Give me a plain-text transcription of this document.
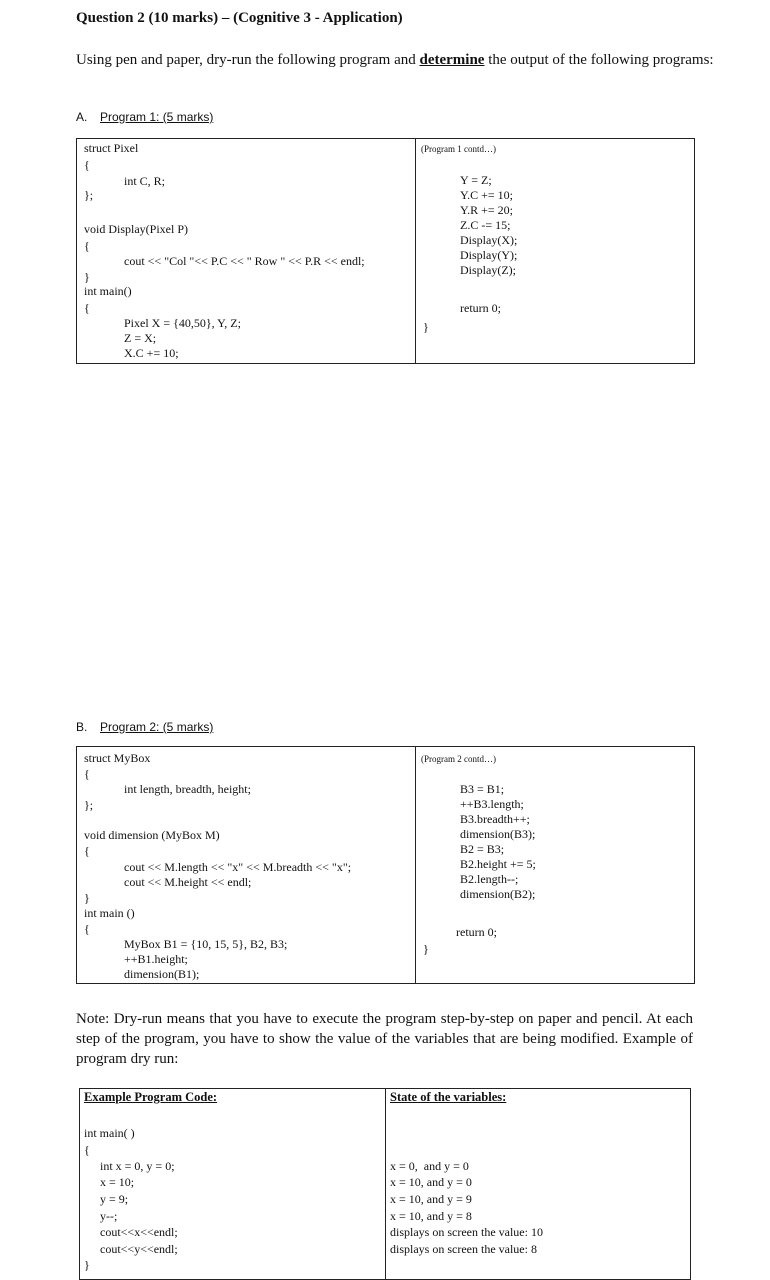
Question 2 (10 marks) – (Cognitive 3 - Application)
Using pen and paper, dry-run the following program and determine the output of the following programs:
A. Program 1: (5 marks)
struct Pixel
{
int C, R;
};
void Display(Pixel P)
{
cout << "Col "<< P.C << " Row " << P.R << endl;
}
int main()
{
Pixel X = {40,50}, Y, Z;
Z = X;
X.C += 10;
(Program 1 contd…)
Y = Z;
Y.C += 10;
Y.R += 20;
Z.C -= 15;
Display(X);
Display(Y);
Display(Z);
return 0;
}
B. Program 2: (5 marks)
struct MyBox
{
int length, breadth, height;
};
void dimension (MyBox M)
{
cout << M.length << "x" << M.breadth << "x";
cout << M.height << endl;
}
int main ()
{
MyBox B1 = {10, 15, 5}, B2, B3;
++B1.height;
dimension(B1);
(Program 2 contd…)
B3 = B1;
++B3.length;
B3.breadth++;
dimension(B3);
B2 = B3;
B2.height += 5;
B2.length--;
dimension(B2);
return 0;
}
Note: Dry-run means that you have to execute the program step-by-step on paper and pencil. At each step of the program, you have to show the value of the variables that are being modified. Example of program dry run:
Example Program Code:	State of the variables:
int main( )
{
int x = 0, y = 0;
x = 10;
y = 9;
y--;
cout<<x<<endl;
cout<<y<<endl;
}
x = 0,  and y = 0
x = 10, and y = 0
x = 10, and y = 9
x = 10, and y = 8
displays on screen the value: 10
displays on screen the value: 8
